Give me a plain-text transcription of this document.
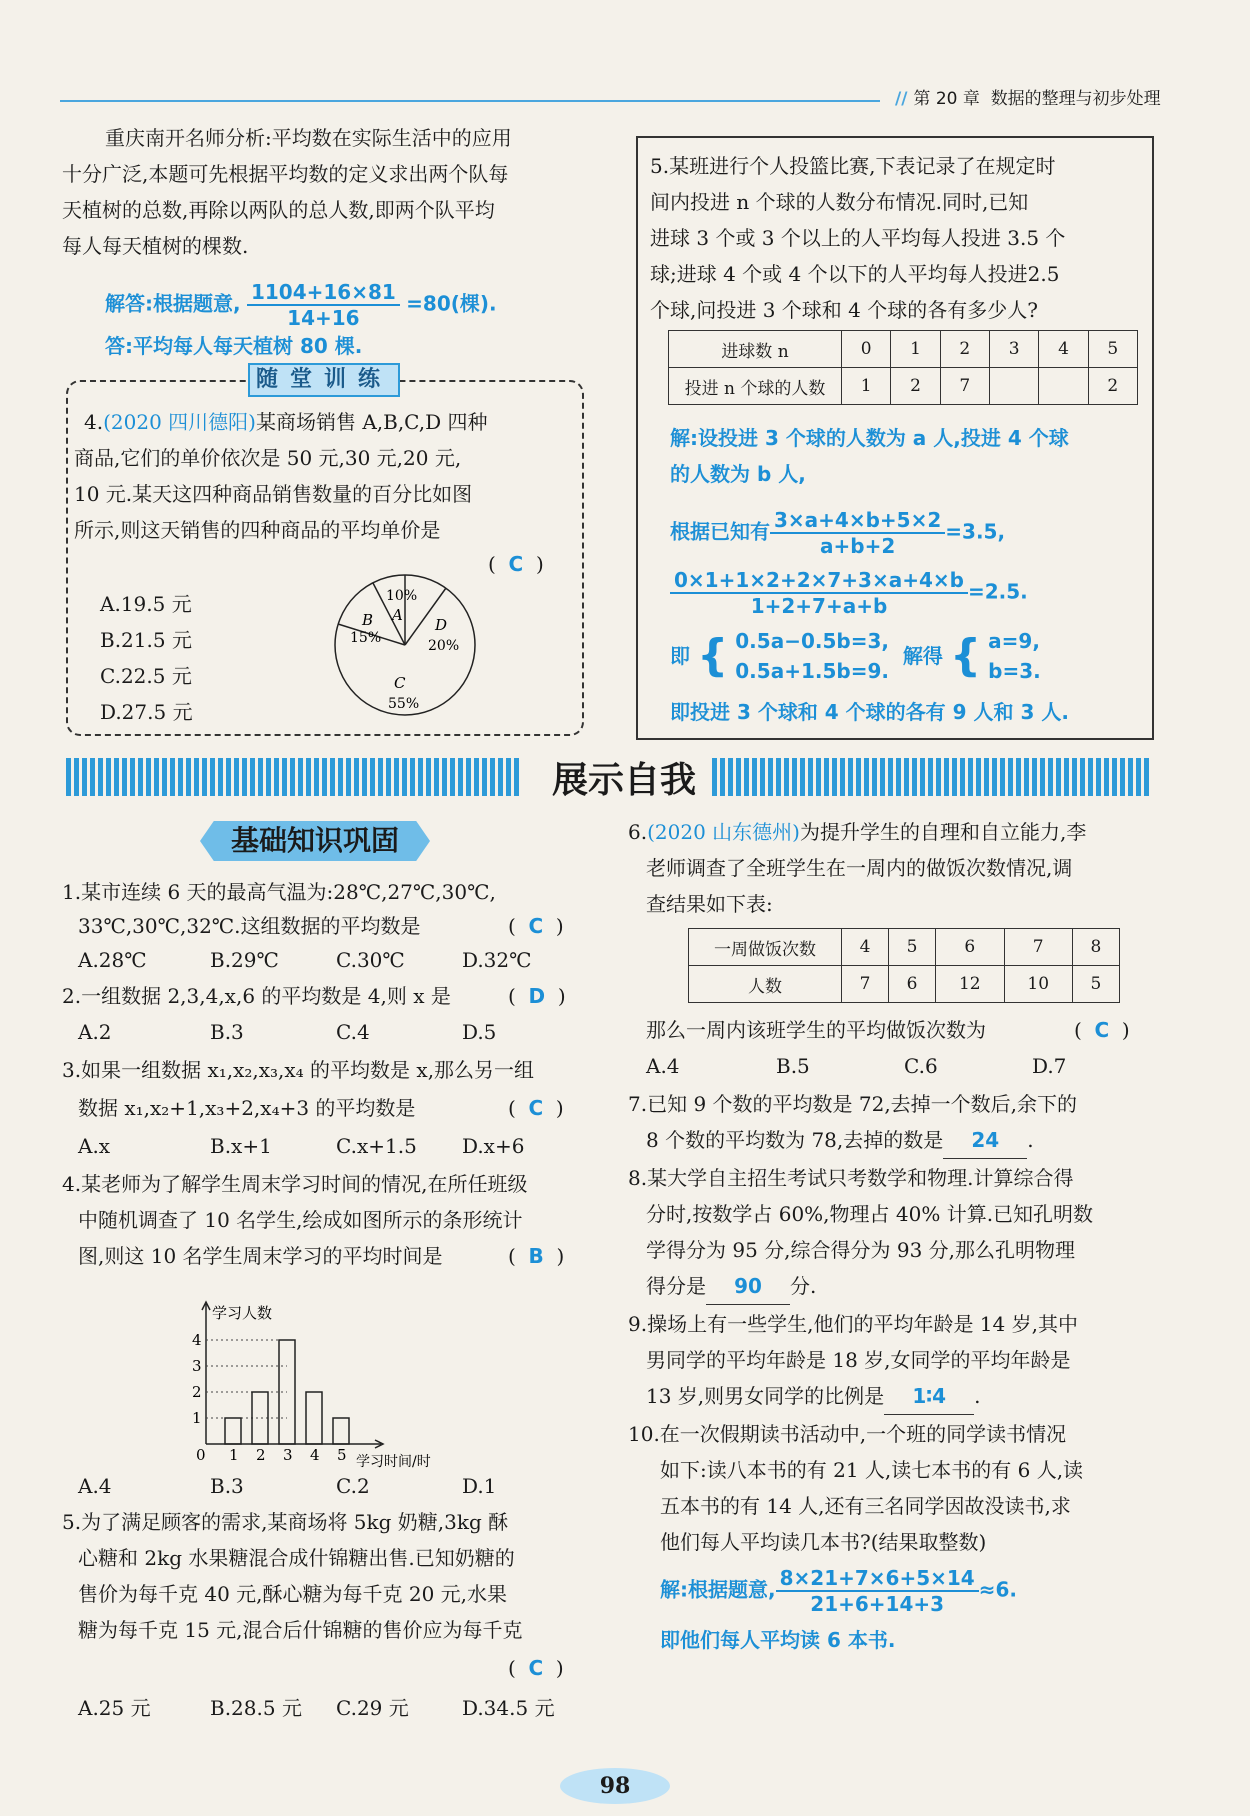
// 第 20 章 数据的整理与初步处理
重庆南开名师分析:平均数在实际生活中的应用
十分广泛,本题可先根据平均数的定义求出两个队每
天植树的总数,再除以两队的总人数,即两个队平均
每人每天植树的棵数.
解答:根据题意, $\frac{1104+16\times 81}{14+16} =80$(棵).
答:平均每人每天植树 80 棵.
随堂训练
4.(2020 四川德阳)某商场销售 A,B,C,D 四种
商品,它们的单价依次是 50 元,30 元,20 元,
10 元.某天这四种商品销售数量的百分比如图
所示,则这天销售的四种商品的平均单价是
( C )
A.19.5 元
B.21.5 元
C.22.5 元
D.27.5 元
10%
A
B
15%
D
20%
C
55%
5.某班进行个人投篮比赛,下表记录了在规定时
间内投进 n 个球的人数分布情况.同时,已知
进球 3 个或 3 个以上的人平均每人投进 3.5 个
球;进球 4 个或 4 个以下的人平均每人投进2.5
个球,问投进 3 个球和 4 个球的各有多少人?
进球数 n	0	1	2	3	4	5
投进 n 个球的人数	1	2	7			2
解:设投进 3 个球的人数为 a 人,投进 4 个球
的人数为 b 人,
根据已知有 $\frac{3\times a+4\times b+5\times 2}{a+b+2} =3.5$,
$\frac{0\times 1+1\times 2+2\times 7+3\times a+4\times b}{1+2+7+a+b} =2.5$.
即 { 0.5a−0.5b=3,
0.5a+1.5b=9.
解得 { a=9,
b=3.
即投进 3 个球和 4 个球的各有 9 人和 3 人.
展示自我
基础知识巩固
1.某市连续 6 天的最高气温为:28℃,27℃,30℃,
33℃,30℃,32℃.这组数据的平均数是	(  C  )
A.28℃	B.29℃	C.30℃	D.32℃
2.一组数据 2,3,4,x,6 的平均数是 4,则 x 是	(  D  )
A.2	B.3	C.4	D.5
3.如果一组数据 x₁,x₂,x₃,x₄ 的平均数是 x,那么另一组
数据 x₁,x₂+1,x₃+2,x₄+3 的平均数是	(  C  )
A.x	B.x+1	C.x+1.5 D.x+6
4.某老师为了解学生周末学习时间的情况,在所任班级
中随机调查了 10 名学生,绘成如图所示的条形统计
图,则这 10 名学生周末学习的平均时间是	(  B  )
学习人数
学习时间/时
0
1
2
3
4
1 2 3 4 5
A.4	B.3	C.2	D.1
5.为了满足顾客的需求,某商场将 5kg 奶糖,3kg 酥
心糖和 2kg 水果糖混合成什锦糖出售.已知奶糖的
售价为每千克 40 元,酥心糖为每千克 20 元,水果
糖为每千克 15 元,混合后什锦糖的售价应为每千克
(  C  )
A.25 元	B.28.5 元 C.29 元	D.34.5 元
6.(2020 山东德州)为提升学生的自理和自立能力,李
老师调查了全班学生在一周内的做饭次数情况,调
查结果如下表:
一周做饭次数	4	5	6	7	8
人数	7	6	12	10	5
那么一周内该班学生的平均做饭次数为	(  C  )
A.4	B.5	C.6	D.7
7.已知 9 个数的平均数是 72,去掉一个数后,余下的
8 个数的平均数为 78,去掉的数是 24 .
8.某大学自主招生考试只考数学和物理.计算综合得
分时,按数学占 60%,物理占 40% 计算.已知孔明数
学得分为 95 分,综合得分为 93 分,那么孔明物理
得分是 90 分.
9.操场上有一些学生,他们的平均年龄是 14 岁,其中
男同学的平均年龄是 18 岁,女同学的平均年龄是
13 岁,则男女同学的比例是 1∶4 .
10.在一次假期读书活动中,一个班的同学读书情况
如下:读八本书的有 21 人,读七本书的有 6 人,读
五本书的有 14 人,还有三名同学因故没读书,求
他们每人平均读几本书?(结果取整数)
解:根据题意, $\frac{8\times 21+7\times 6+5\times 14}{21+6+14+3} \approx 6$.
即他们每人平均读 6 本书.
98
